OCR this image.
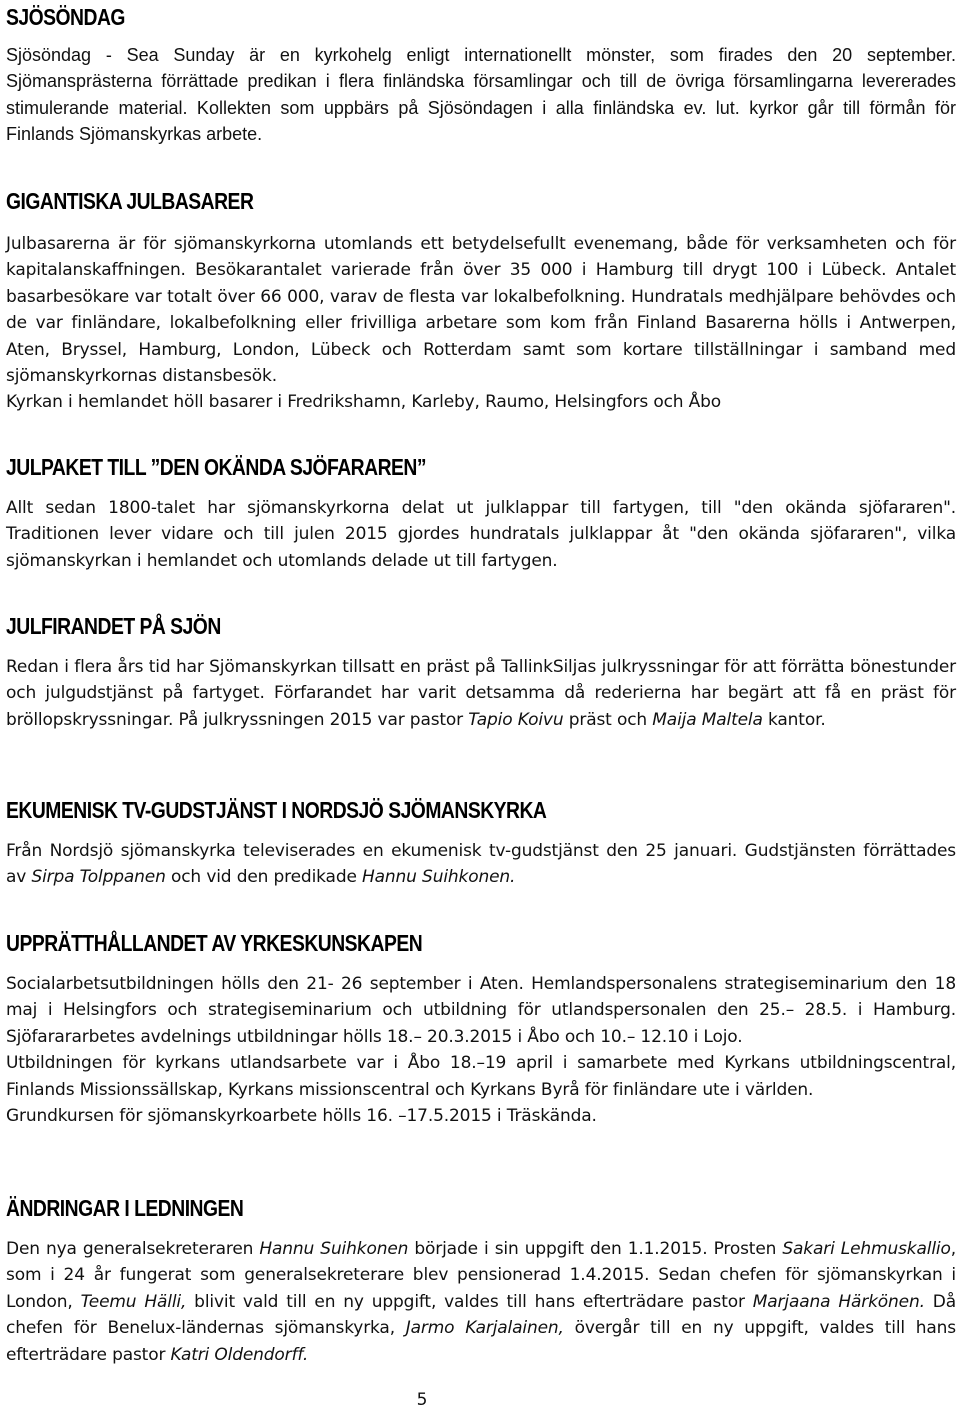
SJÖSÖNDAG

Sjösöndag - Sea Sunday är en kyrkohelg enligt internationellt mönster, som firades den 20 september. Sjömansprästerna förrättade predikan i flera finländska församlingar och till de övriga församlingarna levererades stimulerande material. Kollekten som uppbärs på Sjösöndagen i alla finländska ev. lut. kyrkor går till förmån för Finlands Sjömanskyrkas arbete.

GIGANTISKA JULBASARER

Julbasarerna är för sjömanskyrkorna utomlands ett betydelsefullt evenemang, både för verksamheten och för kapitalanskaffningen. Besökarantalet varierade från över 35 000 i Hamburg till drygt 100 i Lübeck. Antalet basarbesökare var totalt över 66 000, varav de flesta var lokalbefolkning. Hundratals medhjälpare behövdes och de var finländare, lokalbefolkning eller frivilliga arbetare som kom från Finland Basarerna hölls i Antwerpen, Aten, Bryssel, Hamburg, London, Lübeck och Rotterdam samt som kortare tillställningar i samband med sjömanskyrkornas distansbesök.

Kyrkan i hemlandet höll basarer i Fredrikshamn, Karleby, Raumo, Helsingfors och Åbo

JULPAKET TILL ”DEN OKÄNDA SJÖFARAREN”

Allt sedan 1800-talet har sjömanskyrkorna delat ut julklappar till fartygen, till "den okända sjöfararen". Traditionen lever vidare och till julen 2015 gjordes hundratals julklappar åt "den okända sjöfararen", vilka sjömanskyrkan i hemlandet och utomlands delade ut till fartygen.

JULFIRANDET PÅ SJÖN

Redan i flera års tid har Sjömanskyrkan tillsatt en präst på TallinkSiljas julkryssningar för att förrätta bönestunder och julgudstjänst på fartyget. Förfarandet har varit detsamma då rederierna har begärt att få en präst för bröllopskryssningar. På julkryssningen 2015 var pastor Tapio Koivu präst och Maija Maltela kantor.

EKUMENISK TV-GUDSTJÄNST I NORDSJÖ SJÖMANSKYRKA

Från Nordsjö sjömanskyrka televiserades en ekumenisk tv-gudstjänst den 25 januari. Gudstjänsten förrättades av Sirpa Tolppanen och vid den predikade Hannu Suihkonen.

UPPRÄTTHÅLLANDET AV YRKESKUNSKAPEN

Socialarbetsutbildningen hölls den 21- 26 september i Aten. Hemlandspersonalens strategiseminarium den 18 maj i Helsingfors och strategiseminarium och utbildning för utlandspersonalen den 25.– 28.5. i Hamburg. Sjöfarararbetes avdelnings utbildningar hölls 18.– 20.3.2015 i Åbo och 10.– 12.10 i Lojo.

Utbildningen för kyrkans utlandsarbete var i Åbo 18.–19 april i samarbete med Kyrkans utbildningscentral, Finlands Missionssällskap, Kyrkans missionscentral och Kyrkans Byrå för finländare ute i världen.

Grundkursen för sjömanskyrkoarbete hölls 16. –17.5.2015 i Träskända.

ÄNDRINGAR I LEDNINGEN

Den nya generalsekreteraren Hannu Suihkonen började i sin uppgift den 1.1.2015. Prosten Sakari Lehmuskallio, som i 24 år fungerat som generalsekreterare blev pensionerad 1.4.2015. Sedan chefen för sjömanskyrkan i London, Teemu Hälli, blivit vald till en ny uppgift, valdes till hans efterträdare pastor Marjaana Härkönen. Då chefen för Benelux-ländernas sjömanskyrka, Jarmo Karjalainen, övergår till en ny uppgift, valdes till hans efterträdare pastor Katri Oldendorff.

5
